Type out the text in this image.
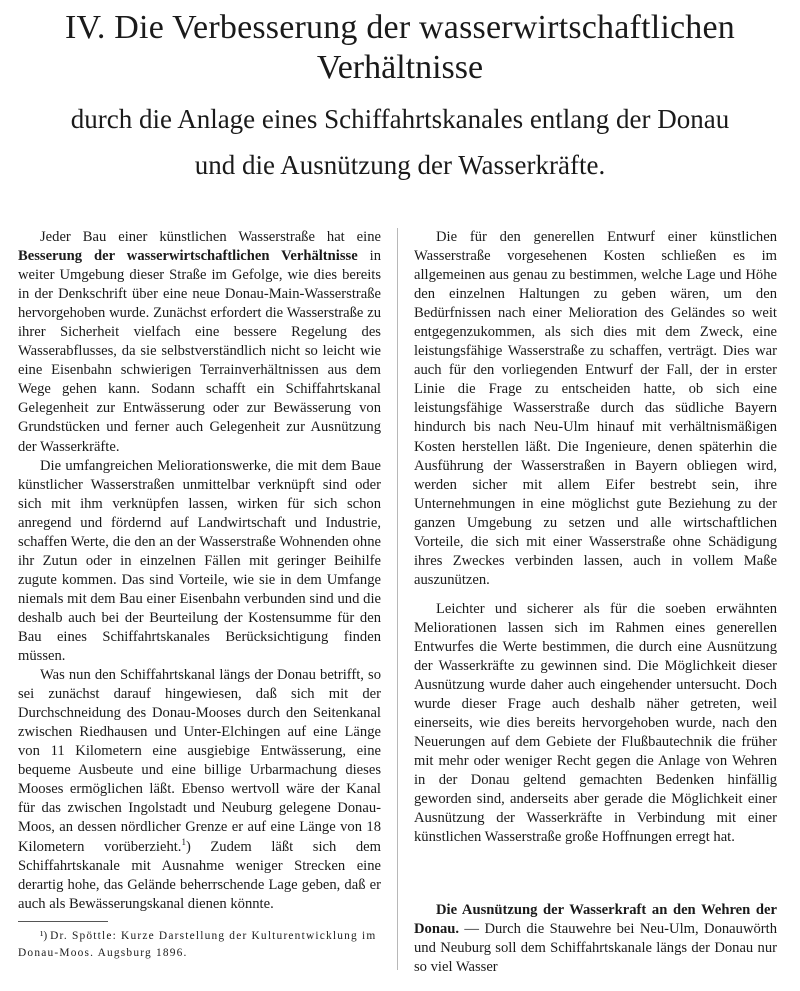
IV. Die Verbesserung der wasserwirtschaftlichen

Verhältnisse

durch die Anlage eines Schiffahrtskanales entlang der Donau

und die Ausnützung der Wasserkräfte.

Jeder Bau einer künstlichen Wasserstraße hat eine Besserung der wasserwirtschaftlichen Verhältnisse in weiter Umgebung dieser Straße im Gefolge, wie dies bereits in der Denkschrift über eine neue Donau-Main-Wasserstraße hervorgehoben wurde. Zunächst erfordert die Wasserstraße zu ihrer Sicherheit vielfach eine bessere Regelung des Wasserabflusses, da sie selbstverständlich nicht so leicht wie eine Eisenbahn schwierigen Terrainverhältnissen aus dem Wege gehen kann. Sodann schafft ein Schiffahrtskanal Gelegenheit zur Entwässerung oder zur Bewässerung von Grundstücken und ferner auch Gelegenheit zur Ausnützung der Wasserkräfte.

Die umfangreichen Meliorationswerke, die mit dem Baue künstlicher Wasserstraßen unmittelbar verknüpft sind oder sich mit ihm verknüpfen lassen, wirken für sich schon anregend und fördernd auf Landwirtschaft und Industrie, schaffen Werte, die den an der Wasserstraße Wohnenden ohne ihr Zutun oder in einzelnen Fällen mit geringer Beihilfe zugute kommen. Das sind Vorteile, wie sie in dem Umfange niemals mit dem Bau einer Eisenbahn verbunden sind und die deshalb auch bei der Beurteilung der Kostensumme für den Bau eines Schiffahrtskanales Berücksichtigung finden müssen.

Was nun den Schiffahrtskanal längs der Donau betrifft, so sei zunächst darauf hingewiesen, daß sich mit der Durchschneidung des Donau-Mooses durch den Seitenkanal zwischen Riedhausen und Unter-Elchingen auf eine Länge von 11 Kilometern eine ausgiebige Entwässerung, eine bequeme Ausbeute und eine billige Urbarmachung dieses Mooses ermöglichen läßt. Ebenso wertvoll wäre der Kanal für das zwischen Ingolstadt und Neuburg gelegene Donau-Moos, an dessen nördlicher Grenze er auf eine Länge von 18 Kilometern vorüberzieht.$^1$) Zudem läßt sich dem Schiffahrtskanale mit Ausnahme weniger Strecken eine derartig hohe, das Gelände beherrschende Lage geben, daß er auch als Bewässerungskanal dienen könnte.

¹) Dr. Spöttle: Kurze Darstellung der Kulturentwicklung im Donau-Moos. Augsburg 1896.

Die für den generellen Entwurf einer künstlichen Wasserstraße vorgesehenen Kosten schließen es im allgemeinen aus genau zu bestimmen, welche Lage und Höhe den einzelnen Haltungen zu geben wären, um den Bedürfnissen nach einer Melioration des Geländes so weit entgegenzukommen, als sich dies mit dem Zweck, eine leistungsfähige Wasserstraße zu schaffen, verträgt. Dies war auch für den vorliegenden Entwurf der Fall, der in erster Linie die Frage zu entscheiden hatte, ob sich eine leistungsfähige Wasserstraße durch das südliche Bayern hindurch bis nach Neu-Ulm hinauf mit verhältnismäßigen Kosten herstellen läßt. Die Ingenieure, denen späterhin die Ausführung der Wasserstraßen in Bayern obliegen wird, werden sicher mit allem Eifer bestrebt sein, ihre Unternehmungen in eine möglichst gute Beziehung zu der ganzen Umgebung zu setzen und alle wirtschaftlichen Vorteile, die sich mit einer Wasserstraße ohne Schädigung ihres Zweckes verbinden lassen, auch in vollem Maße auszunützen.

Leichter und sicherer als für die soeben erwähnten Meliorationen lassen sich im Rahmen eines generellen Entwurfes die Werte bestimmen, die durch eine Ausnützung der Wasserkräfte zu gewinnen sind. Die Möglichkeit dieser Ausnützung wurde daher auch eingehender untersucht. Doch wurde dieser Frage auch deshalb näher getreten, weil einerseits, wie dies bereits hervorgehoben wurde, nach den Neuerungen auf dem Gebiete der Flußbautechnik die früher mit mehr oder weniger Recht gegen die Anlage von Wehren in der Donau geltend gemachten Bedenken hinfällig geworden sind, anderseits aber gerade die Möglichkeit einer Ausnützung der Wasserkräfte in Verbindung mit einer künstlichen Wasserstraße große Hoffnungen erregt hat.

Die Ausnützung der Wasserkraft an den Wehren der Donau. — Durch die Stauwehre bei Neu-Ulm, Donauwörth und Neuburg soll dem Schiffahrtskanale längs der Donau nur so viel Wasser
